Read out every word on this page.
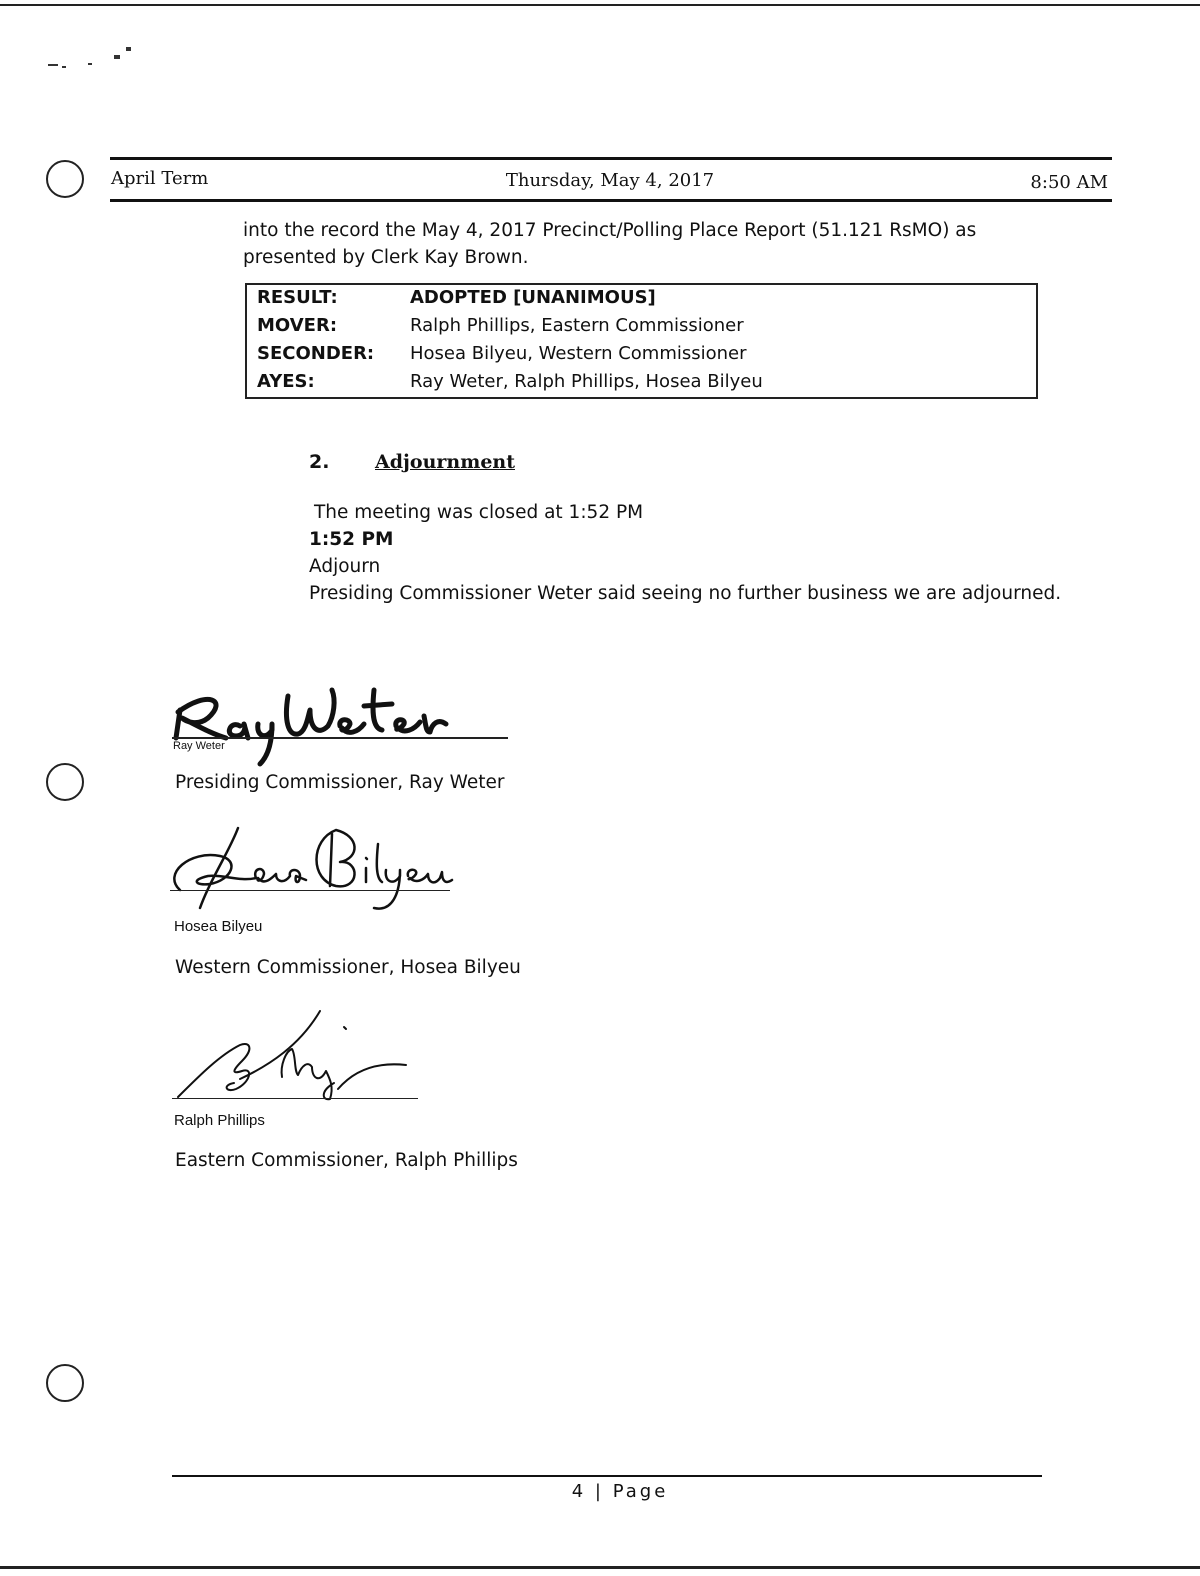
April Term	Thursday, May 4, 2017	8:50 AM
into the record the May 4, 2017 Precinct/Polling Place Report (51.121 RsMO) as presented by Clerk Kay Brown.
RESULT:	ADOPTED [UNANIMOUS]
MOVER:	Ralph Phillips, Eastern Commissioner
SECONDER: Hosea Bilyeu, Western Commissioner
AYES:	Ray Weter, Ralph Phillips, Hosea Bilyeu
2. Adjournment
The meeting was closed at 1:52 PM
1:52 PM
Adjourn
Presiding Commissioner Weter said seeing no further business we are adjourned.
Ray Weter
Presiding Commissioner, Ray Weter
Hosea Bilyeu
Western Commissioner, Hosea Bilyeu
Ralph Phillips
Eastern Commissioner, Ralph Phillips
4 | Page
